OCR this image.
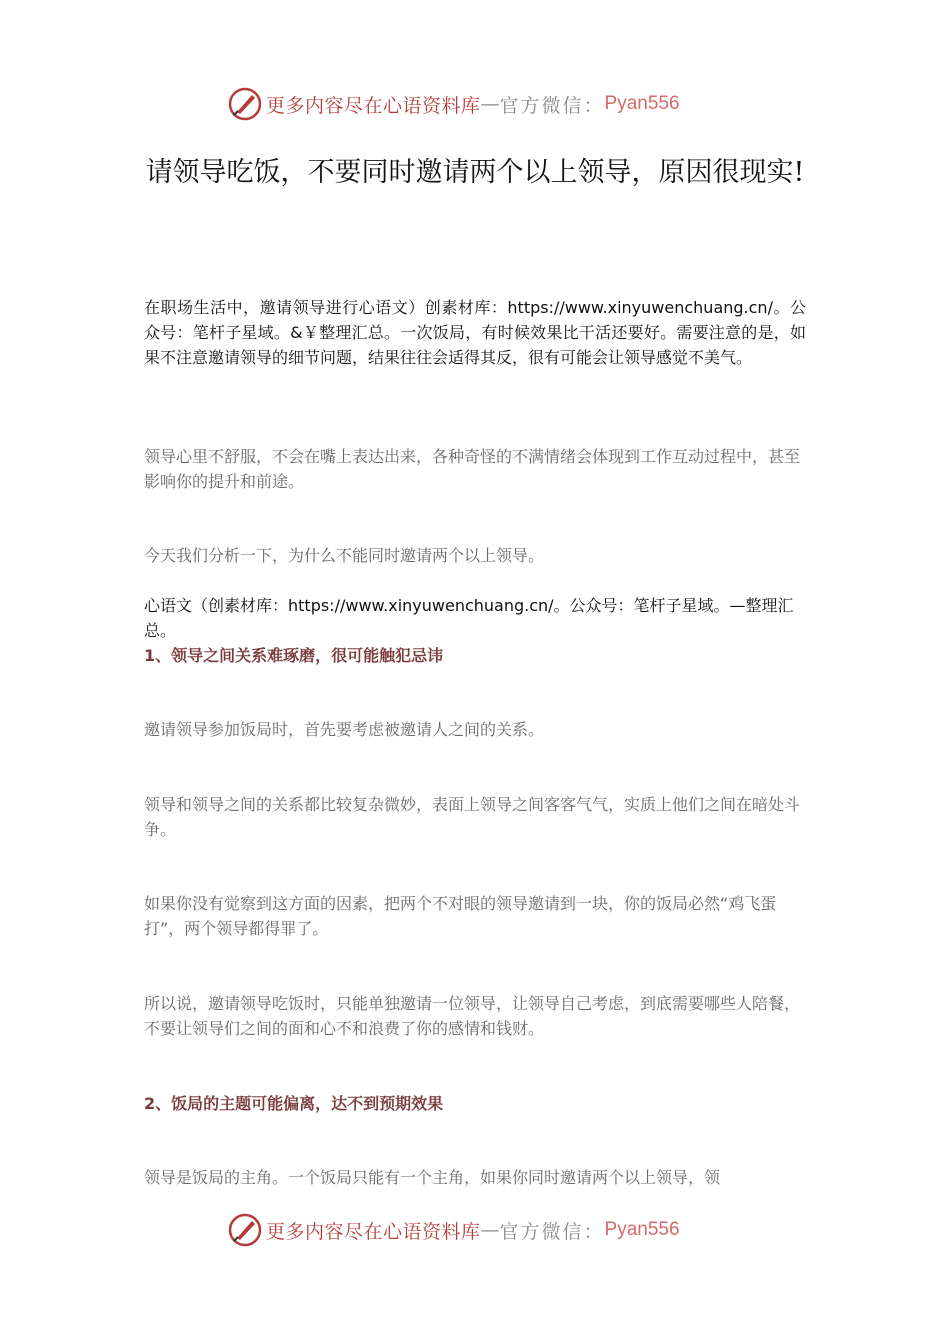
更多内容尽在心语资料库 — 官方微信： Pyan556
请领导吃饭，不要同时邀请两个以上领导，原因很现实!

在职场生活中，邀请领导进行心语文）创素材库：https://www.xinyuwenchuang.cn/。公众号：笔杆子星域。&￥整理汇总。一次饭局，有时候效果比干活还要好。需要注意的是，如果不注意邀请领导的细节问题，结果往往会适得其反，很有可能会让领导感觉不美气。

领导心里不舒服，不会在嘴上表达出来，各种奇怪的不满情绪会体现到工作互动过程中，甚至影响你的提升和前途。

今天我们分析一下，为什么不能同时邀请两个以上领导。

心语文（创素材库：https://www.xinyuwenchuang.cn/。公众号：笔杆子星域。—整理汇总。

1、领导之间关系难琢磨，很可能触犯忌讳

邀请领导参加饭局时，首先要考虑被邀请人之间的关系。

领导和领导之间的关系都比较复杂微妙，表面上领导之间客客气气，实质上他们之间在暗处斗争。

如果你没有觉察到这方面的因素，把两个不对眼的领导邀请到一块，你的饭局必然“鸡飞蛋打”，两个领导都得罪了。

所以说，邀请领导吃饭时，只能单独邀请一位领导，让领导自己考虑，到底需要哪些人陪餐，不要让领导们之间的面和心不和浪费了你的感情和钱财。

2、饭局的主题可能偏离，达不到预期效果

领导是饭局的主角。一个饭局只能有一个主角，如果你同时邀请两个以上领导，领

更多内容尽在心语资料库 — 官方微信： Pyan556
